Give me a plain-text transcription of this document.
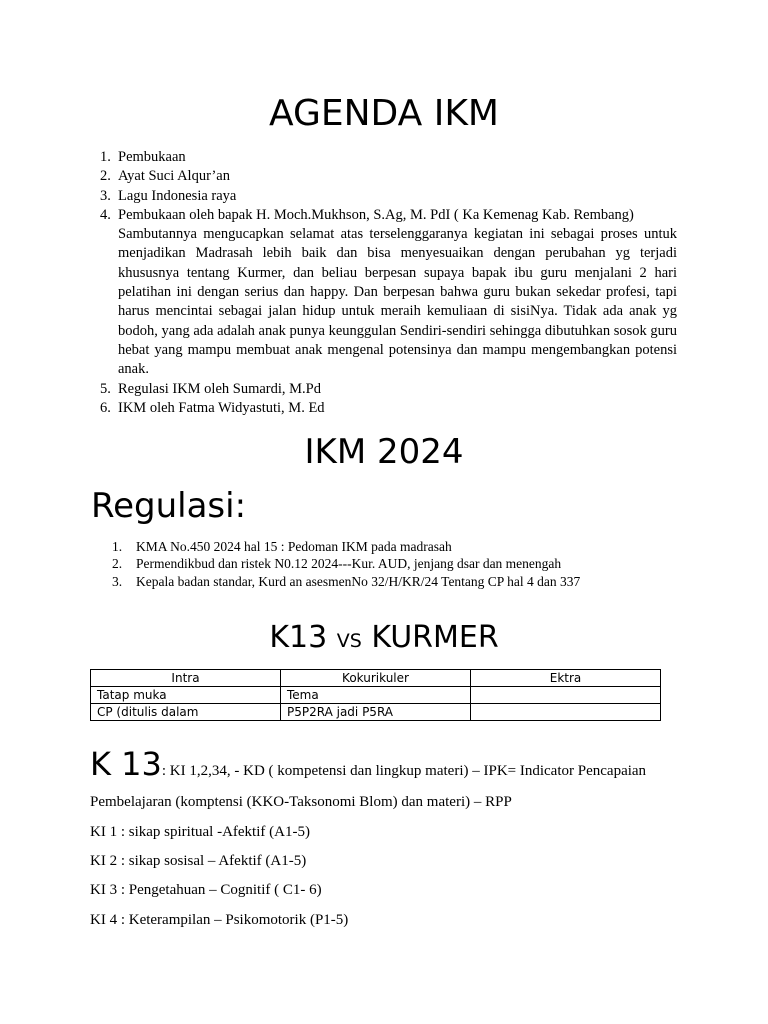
AGENDA IKM
1. Pembukaan
2. Ayat Suci Alqur’an
3. Lagu Indonesia raya
4. Pembukaan oleh bapak H. Moch.Mukhson, S.Ag, M. PdI ( Ka Kemenag Kab. Rembang)
Sambutannya mengucapkan selamat atas terselenggaranya kegiatan ini sebagai proses untuk menjadikan Madrasah lebih baik dan bisa menyesuaikan dengan perubahan yg terjadi khususnya tentang Kurmer, dan beliau berpesan supaya bapak ibu guru menjalani 2 hari pelatihan ini dengan serius dan happy. Dan berpesan bahwa guru bukan sekedar profesi, tapi harus mencintai sebagai jalan hidup untuk meraih kemuliaan di sisiNya. Tidak ada anak yg bodoh, yang ada adalah anak punya keunggulan Sendiri-sendiri sehingga dibutuhkan sosok guru hebat yang mampu membuat anak mengenal potensinya dan mampu mengembangkan potensi anak.
5. Regulasi IKM oleh Sumardi, M.Pd
6. IKM oleh Fatma Widyastuti, M. Ed
IKM 2024
Regulasi:
1. KMA No.450 2024 hal 15 : Pedoman IKM pada madrasah
2. Permendikbud dan ristek N0.12 2024---Kur. AUD, jenjang dsar dan menengah
3. Kepala badan standar, Kurd an asesmenNo 32/H/KR/24 Tentang CP hal 4 dan 337
K13 VS KURMER
Intra	Kokurikuler	Ektra
Tatap muka	Tema	
CP (ditulis dalam	P5P2RA jadi P5RA	
K 13: KI 1,2,34, - KD ( kompetensi dan lingkup materi) – IPK= Indicator Pencapaian
Pembelajaran (komptensi (KKO-Taksonomi Blom) dan materi) – RPP
KI 1 : sikap spiritual -Afektif (A1-5)
KI 2 : sikap sosisal – Afektif (A1-5)
KI 3 : Pengetahuan – Cognitif ( C1- 6)
KI 4 : Keterampilan – Psikomotorik (P1-5)
